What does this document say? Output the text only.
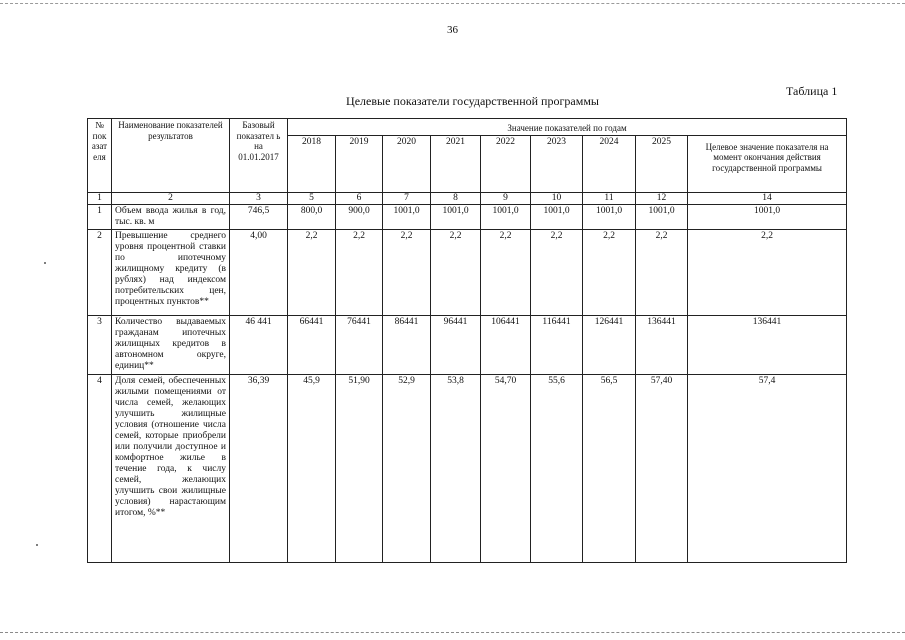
36
Таблица 1
Целевые показатели государственной программы
№ пок азат еля	Наименование показателей результатов	Базовый показател ь на 01.01.2017	Значение показателей по годам								
			2018	2019	2020	2021	2022	2023	2024	2025	Целевое значение показателя на момент окончания действия государственной программы
1	2	3	5	6	7	8	9	10	11	12	14
1	Объем ввода жилья в год, тыс. кв. м	746,5	800,0	900,0	1001,0	1001,0	1001,0	1001,0	1001,0	1001,0	1001,0
2	Превышение среднего уровня процентной ставки по ипотечному жилищному кредиту (в рублях) над индексом потребительских цен, процентных пунктов**	4,00	2,2	2,2	2,2	2,2	2,2	2,2	2,2	2,2	2,2
3	Количество выдаваемых гражданам ипотечных жилищных кредитов в автономном округе, единиц**	46 441	66441	76441	86441	96441	106441	116441	126441	136441	136441
4	Доля семей, обеспеченных жилыми помещениями от числа семей, желающих улучшить жилищные условия (отношение числа семей, которые приобрели или получили доступное и комфортное жилье в течение года, к числу семей, желающих улучшить свои жилищные условия) нарастающим итогом, %**	36,39	45,9	51,90	52,9	53,8	54,70	55,6	56,5	57,40	57,4
